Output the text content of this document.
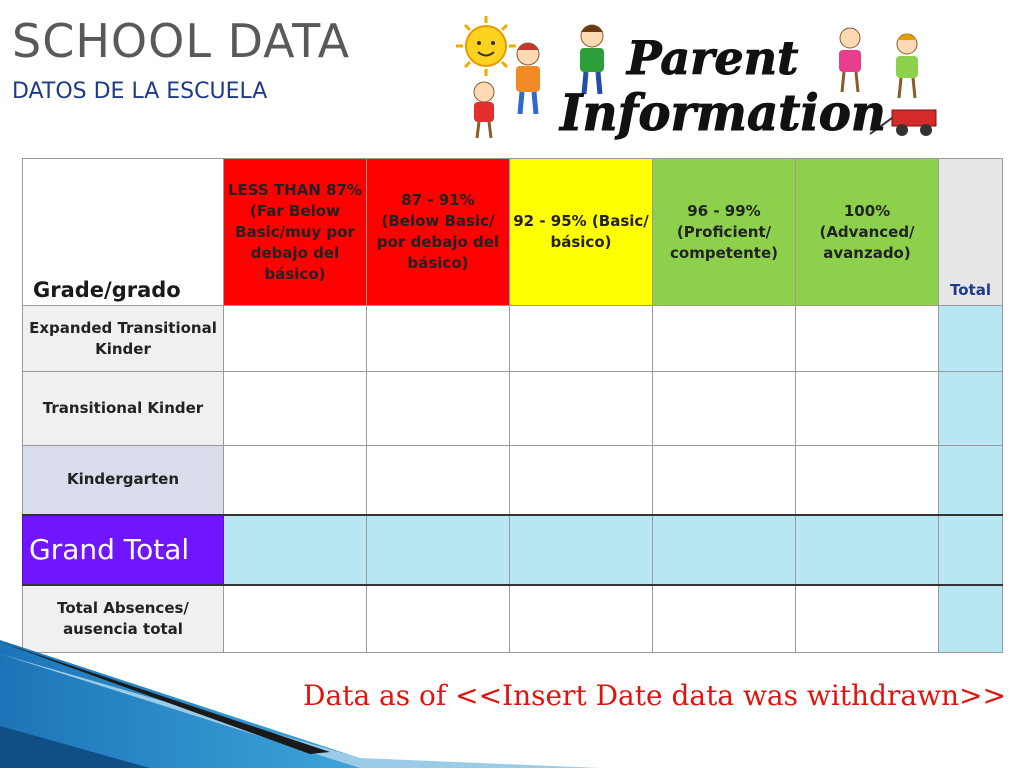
SCHOOL DATA
DATOS DE LA ESCUELA
Parent
Information
Grade/grado	LESS THAN 87% (Far Below Basic/muy por debajo del básico)	87 - 91% (Below Basic/ por debajo del básico)	92 - 95% (Basic/ básico)	96 - 99% (Proficient/ competente)	100% (Advanced/ avanzado)	Total
Expanded Transitional Kinder						
Transitional Kinder						
Kindergarten						
Grand Total						
Total Absences/ ausencia total						

Data as of <<Insert Date data was withdrawn>>
